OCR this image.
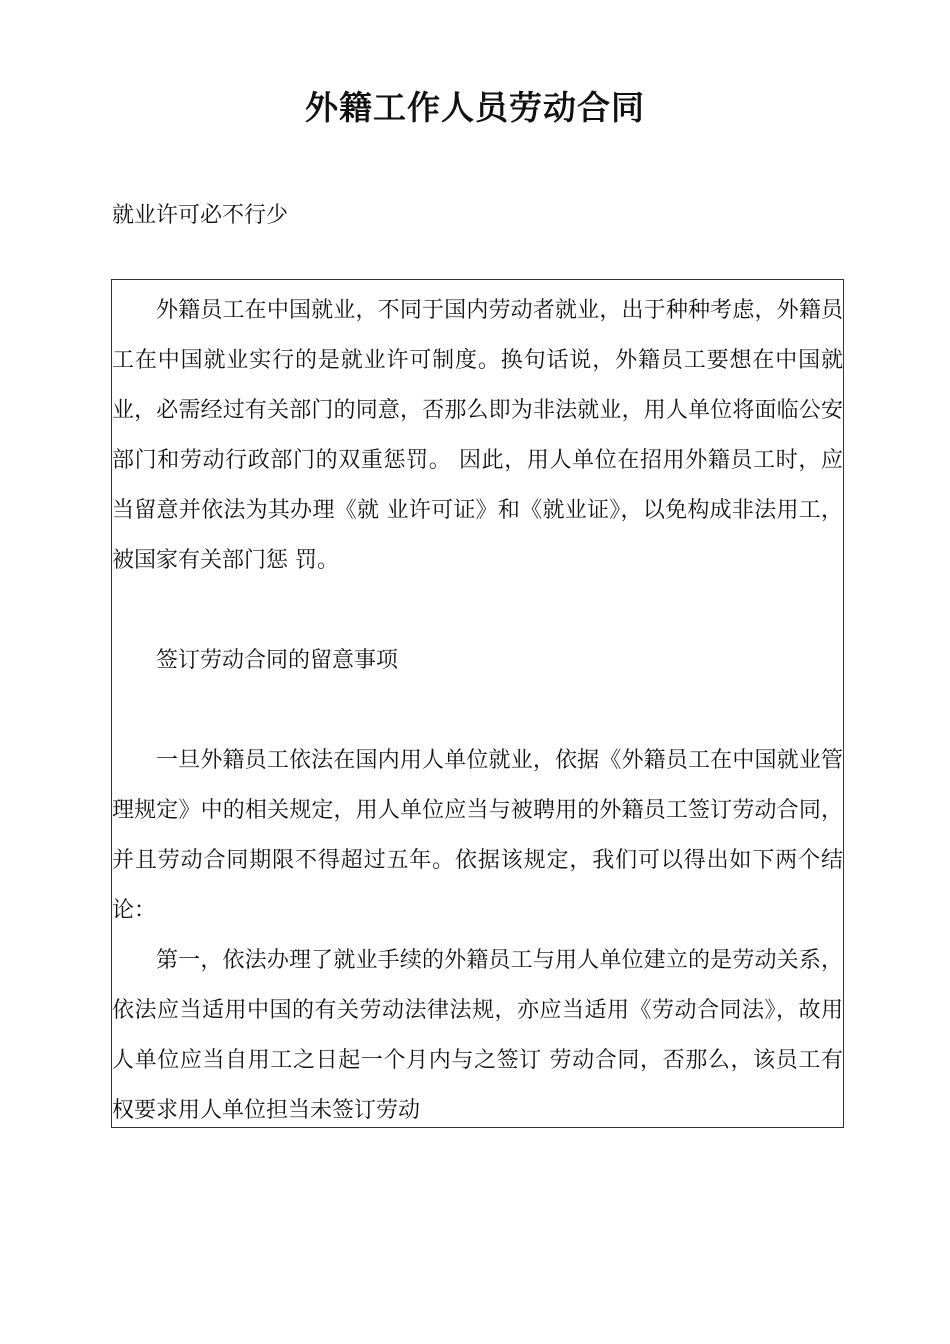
外籍工作人员劳动合同

就业许可必不行少

外籍员工在中国就业，不同于国内劳动者就业，出于种种考虑，外籍员工在中国就业实行的是就业许可制度。换句话说，外籍员工要想在中国就业，必需经过有关部门的同意，否那么即为非法就业，用人单位将面临公安部门和劳动行政部门的双重惩罚。 因此，用人单位在招用外籍员工时，应当留意并依法为其办理《就 业许可证》和《就业证》，以免构成非法用工，被国家有关部门惩 罚。

签订劳动合同的留意事项

一旦外籍员工依法在国内用人单位就业，依据《外籍员工在中国就业管理规定》中的相关规定，用人单位应当与被聘用的外籍员工签订劳动合同，并且劳动合同期限不得超过五年。依据该规定，我们可以得出如下两个结论：

第一，依法办理了就业手续的外籍员工与用人单位建立的是劳动关系，依法应当适用中国的有关劳动法律法规，亦应当适用《劳动合同法》，故用人单位应当自用工之日起一个月内与之签订 劳动合同，否那么，该员工有权要求用人单位担当未签订劳动
